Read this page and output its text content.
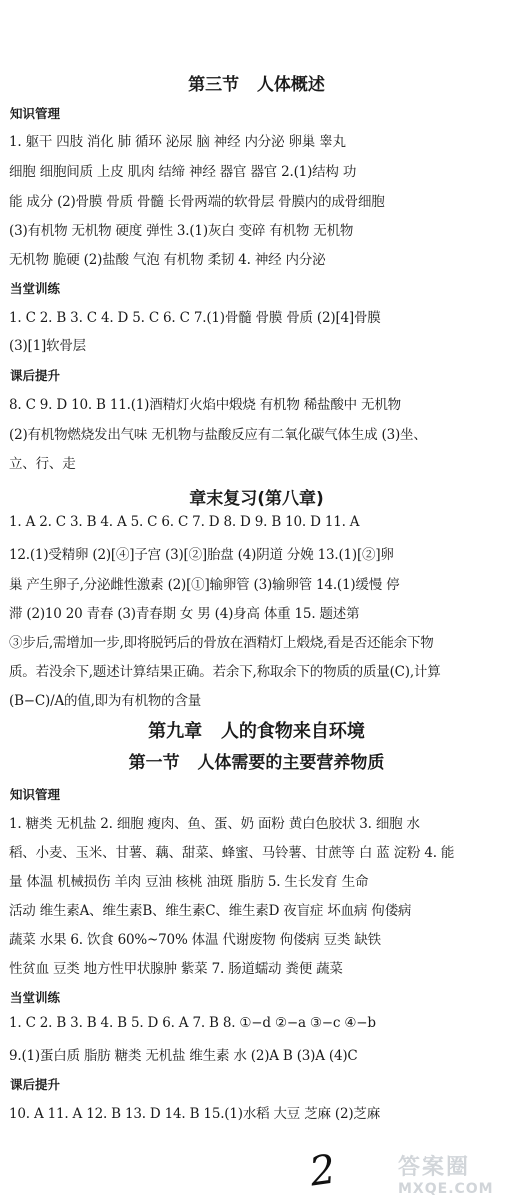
第三节   人体概述
知识管理
1. 躯干 四肢 消化 肺 循环 泌尿 脑 神经 内分泌 卵巢 睾丸
细胞 细胞间质 上皮 肌肉 结缔 神经 器官 器官 2.(1)结构 功
能 成分 (2)骨膜 骨质 骨髓 长骨两端的软骨层 骨膜内的成骨细胞
(3)有机物 无机物 硬度 弹性 3.(1)灰白 变碎 有机物 无机物
无机物 脆硬 (2)盐酸 气泡 有机物 柔韧 4. 神经 内分泌
当堂训练
1. C 2. B 3. C 4. D 5. C 6. C 7.(1)骨髓 骨膜 骨质 (2)[4]骨膜
(3)[1]软骨层
课后提升
8. C 9. D 10. B 11.(1)酒精灯火焰中煅烧 有机物 稀盐酸中 无机物
(2)有机物燃烧发出气味 无机物与盐酸反应有二氧化碳气体生成 (3)坐、
立、行、走
章末复习(第八章)
1. A 2. C 3. B 4. A 5. C 6. C 7. D 8. D 9. B 10. D 11. A
12.(1)受精卵 (2)[④]子宫 (3)[②]胎盘 (4)阴道 分娩 13.(1)[②]卵
巢 产生卵子,分泌雌性激素 (2)[①]输卵管 (3)输卵管 14.(1)缓慢 停
滞 (2)10 20 青春 (3)青春期 女 男 (4)身高 体重 15. 题述第
③步后,需增加一步,即将脱钙后的骨放在酒精灯上煅烧,看是否还能余下物
质。若没余下,题述计算结果正确。若余下,称取余下的物质的质量(C),计算
(B−C)/A的值,即为有机物的含量
第九章   人的食物来自环境
第一节   人体需要的主要营养物质
知识管理
1. 糖类 无机盐 2. 细胞 瘦肉、鱼、蛋、奶 面粉 黄白色胶状 3. 细胞 水
稻、小麦、玉米、甘薯、藕、甜菜、蜂蜜、马铃薯、甘蔗等 白 蓝 淀粉 4. 能
量 体温 机械损伤 羊肉 豆油 核桃 油斑 脂肪 5. 生长发育 生命
活动 维生素A、维生素B、维生素C、维生素D 夜盲症 坏血病 佝偻病
蔬菜 水果 6. 饮食 60%~70% 体温 代谢废物 佝偻病 豆类 缺铁
性贫血 豆类 地方性甲状腺肿 紫菜 7. 肠道蠕动 粪便 蔬菜
当堂训练
1. C 2. B 3. B 4. B 5. D 6. A 7. B 8. ①−d ②−a ③−c ④−b
9.(1)蛋白质 脂肪 糖类 无机盐 维生素 水 (2)A B (3)A (4)C
课后提升
10. A 11. A 12. B 13. D 14. B 15.(1)水稻 大豆 芝麻 (2)芝麻
2	答案圈
MXQE.COM
